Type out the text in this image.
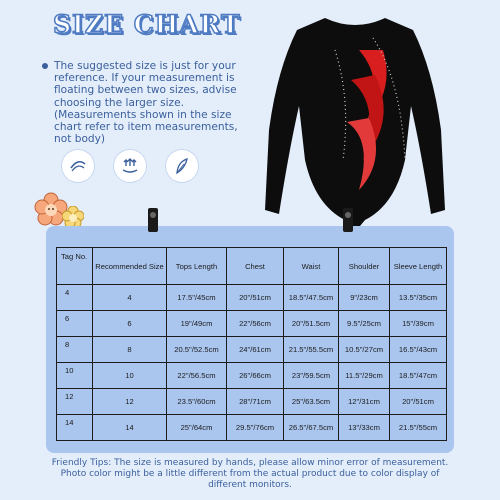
SIZE CHART

The suggested size is just for your

reference. If your measurement is

floating between two sizes, advise

choosing the larger size.

(Measurements shown in the size

chart refer to item measurements,

not body)

Tag No.	Recommended Size	Tops Length	Chest	Waist	Shoulder	Sleeve Length
4	4	17.5"/45cm	20"/51cm	18.5"/47.5cm	9"/23cm	13.5"/35cm
6	6	19"/49cm	22"/56cm	20"/51.5cm	9.5"/25cm	15"/39cm
8	8	20.5"/52.5cm	24"/61cm	21.5"/55.5cm	10.5"/27cm	16.5"/43cm
10	10	22"/56.5cm	26"/66cm	23"/59.5cm	11.5"/29cm	18.5"/47cm
12	12	23.5"/60cm	28"/71cm	25"/63.5cm	12"/31cm	20"/51cm
14	14	25"/64cm	29.5"/76cm	26.5"/67.5cm	13"/33cm	21.5"/55cm
Friendly Tips: The size is measured by hands, please allow minor error of measurement.
Photo color might be a little different from the actual product due to color display of
different monitors.
